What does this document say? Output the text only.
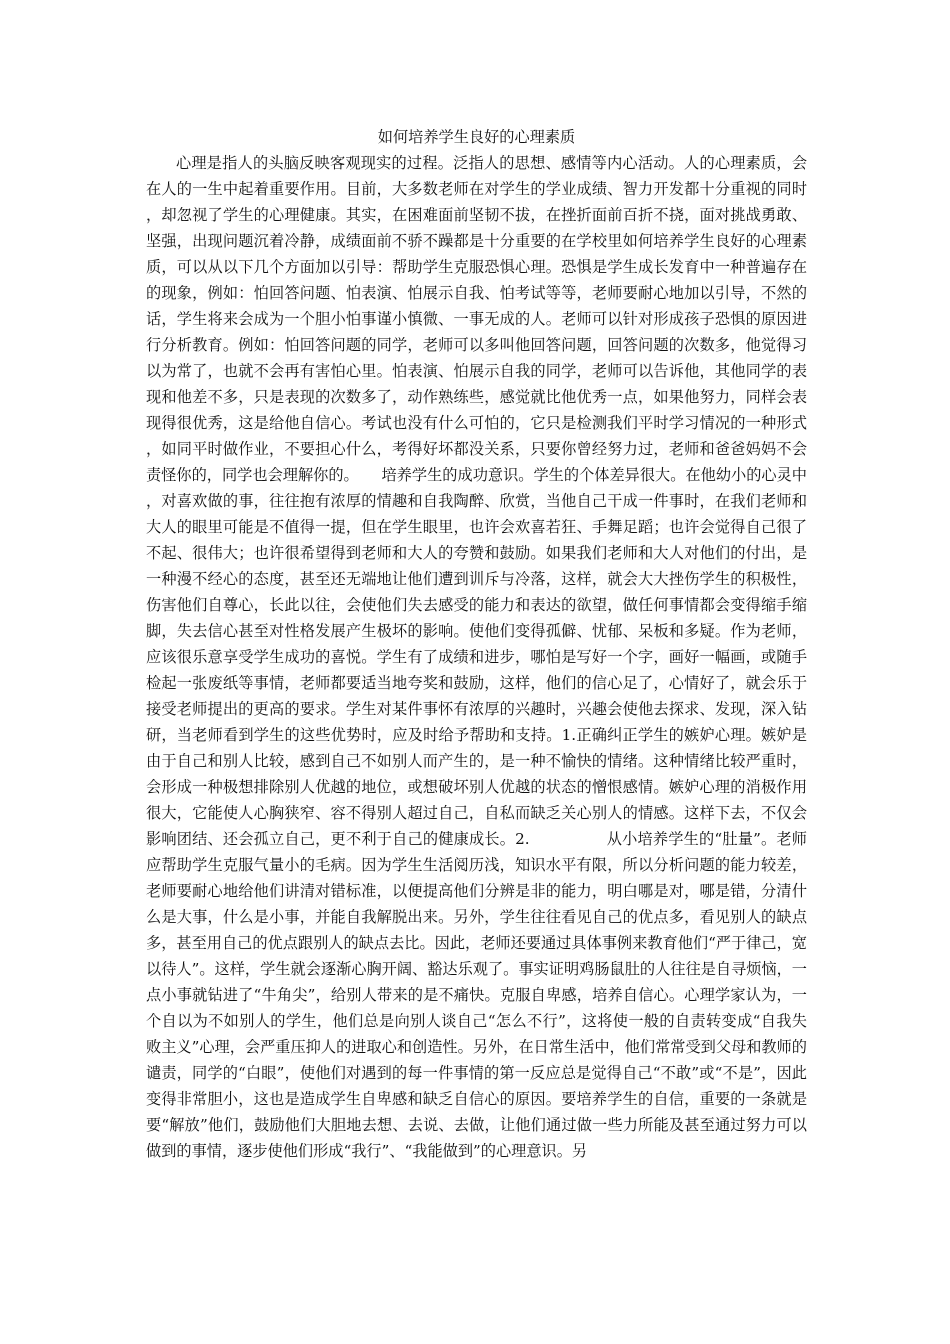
如何培养学生良好的心理素质

心理是指人的头脑反映客观现实的过程。泛指人的思想、感情等内心活动。人的心理素质，会在人的一生中起着重要作用。目前，大多数老师在对学生的学业成绩、智力开发都十分重视的同时，却忽视了学生的心理健康。其实，在困难面前坚韧不拔，在挫折面前百折不挠，面对挑战勇敢、坚强，出现问题沉着冷静，成绩面前不骄不躁都是十分重要的在学校里如何培养学生良好的心理素质，可以从以下几个方面加以引导：帮助学生克服恐惧心理。恐惧是学生成长发育中一种普遍存在的现象，例如：怕回答问题、怕表演、怕展示自我、怕考试等等，老师要耐心地加以引导，不然的话，学生将来会成为一个胆小怕事谨小慎微、一事无成的人。老师可以针对形成孩子恐惧的原因进行分析教育。例如：怕回答问题的同学，老师可以多叫他回答问题，回答问题的次数多，他觉得习以为常了，也就不会再有害怕心里。怕表演、怕展示自我的同学，老师可以告诉他，其他同学的表现和他差不多，只是表现的次数多了，动作熟练些，感觉就比他优秀一点，如果他努力，同样会表现得很优秀，这是给他自信心。考试也没有什么可怕的，它只是检测我们平时学习情况的一种形式，如同平时做作业，不要担心什么，考得好坏都没关系，只要你曾经努力过，老师和爸爸妈妈不会责怪你的，同学也会理解你的。　　培养学生的成功意识。学生的个体差异很大。在他幼小的心灵中，对喜欢做的事，往往抱有浓厚的情趣和自我陶醉、欣赏，当他自己干成一件事时，在我们老师和大人的眼里可能是不值得一提，但在学生眼里，也许会欢喜若狂、手舞足蹈；也许会觉得自己很了不起、很伟大；也许很希望得到老师和大人的夸赞和鼓励。如果我们老师和大人对他们的付出，是一种漫不经心的态度，甚至还无端地让他们遭到训斥与冷落，这样，就会大大挫伤学生的积极性，伤害他们自尊心，长此以往，会使他们失去感受的能力和表达的欲望，做任何事情都会变得缩手缩脚，失去信心甚至对性格发展产生极坏的影响。使他们变得孤僻、忧郁、呆板和多疑。作为老师，应该很乐意享受学生成功的喜悦。学生有了成绩和进步，哪怕是写好一个字，画好一幅画，或随手检起一张废纸等事情，老师都要适当地夸奖和鼓励，这样，他们的信心足了，心情好了，就会乐于接受老师提出的更高的要求。学生对某件事怀有浓厚的兴趣时，兴趣会使他去探求、发现，深入钻研，当老师看到学生的这些优势时，应及时给予帮助和支持。1.正确纠正学生的嫉妒心理。嫉妒是由于自己和别人比较，感到自己不如别人而产生的，是一种不愉快的情绪。这种情绪比较严重时，会形成一种极想排除别人优越的地位，或想破坏别人优越的状态的憎恨感情。嫉妒心理的消极作用很大，它能使人心胸狭窄、容不得别人超过自己，自私而缺乏关心别人的情感。这样下去，不仅会影响团结、还会孤立自己，更不利于自己的健康成长。2.　　　　　从小培养学生的“肚量”。老师应帮助学生克服气量小的毛病。因为学生生活阅历浅，知识水平有限，所以分析问题的能力较差，老师要耐心地给他们讲清对错标准，以便提高他们分辨是非的能力，明白哪是对，哪是错，分清什么是大事，什么是小事，并能自我解脱出来。另外，学生往往看见自己的优点多，看见别人的缺点多，甚至用自己的优点跟别人的缺点去比。因此，老师还要通过具体事例来教育他们“严于律己，宽以待人”。这样，学生就会逐渐心胸开阔、豁达乐观了。事实证明鸡肠鼠肚的人往往是自寻烦恼，一点小事就钻进了“牛角尖”，给别人带来的是不痛快。克服自卑感，培养自信心。心理学家认为，一个自以为不如别人的学生，他们总是向别人谈自己“怎么不行”，这将使一般的自责转变成“自我失败主义”心理，会严重压抑人的进取心和创造性。另外，在日常生活中，他们常常受到父母和教师的谴责，同学的“白眼”，使他们对遇到的每一件事情的第一反应总是觉得自己“不敢”或“不是”，因此变得非常胆小，这也是造成学生自卑感和缺乏自信心的原因。要培养学生的自信，重要的一条就是要“解放”他们，鼓励他们大胆地去想、去说、去做，让他们通过做一些力所能及甚至通过努力可以做到的事情，逐步使他们形成“我行”、“我能做到”的心理意识。另
